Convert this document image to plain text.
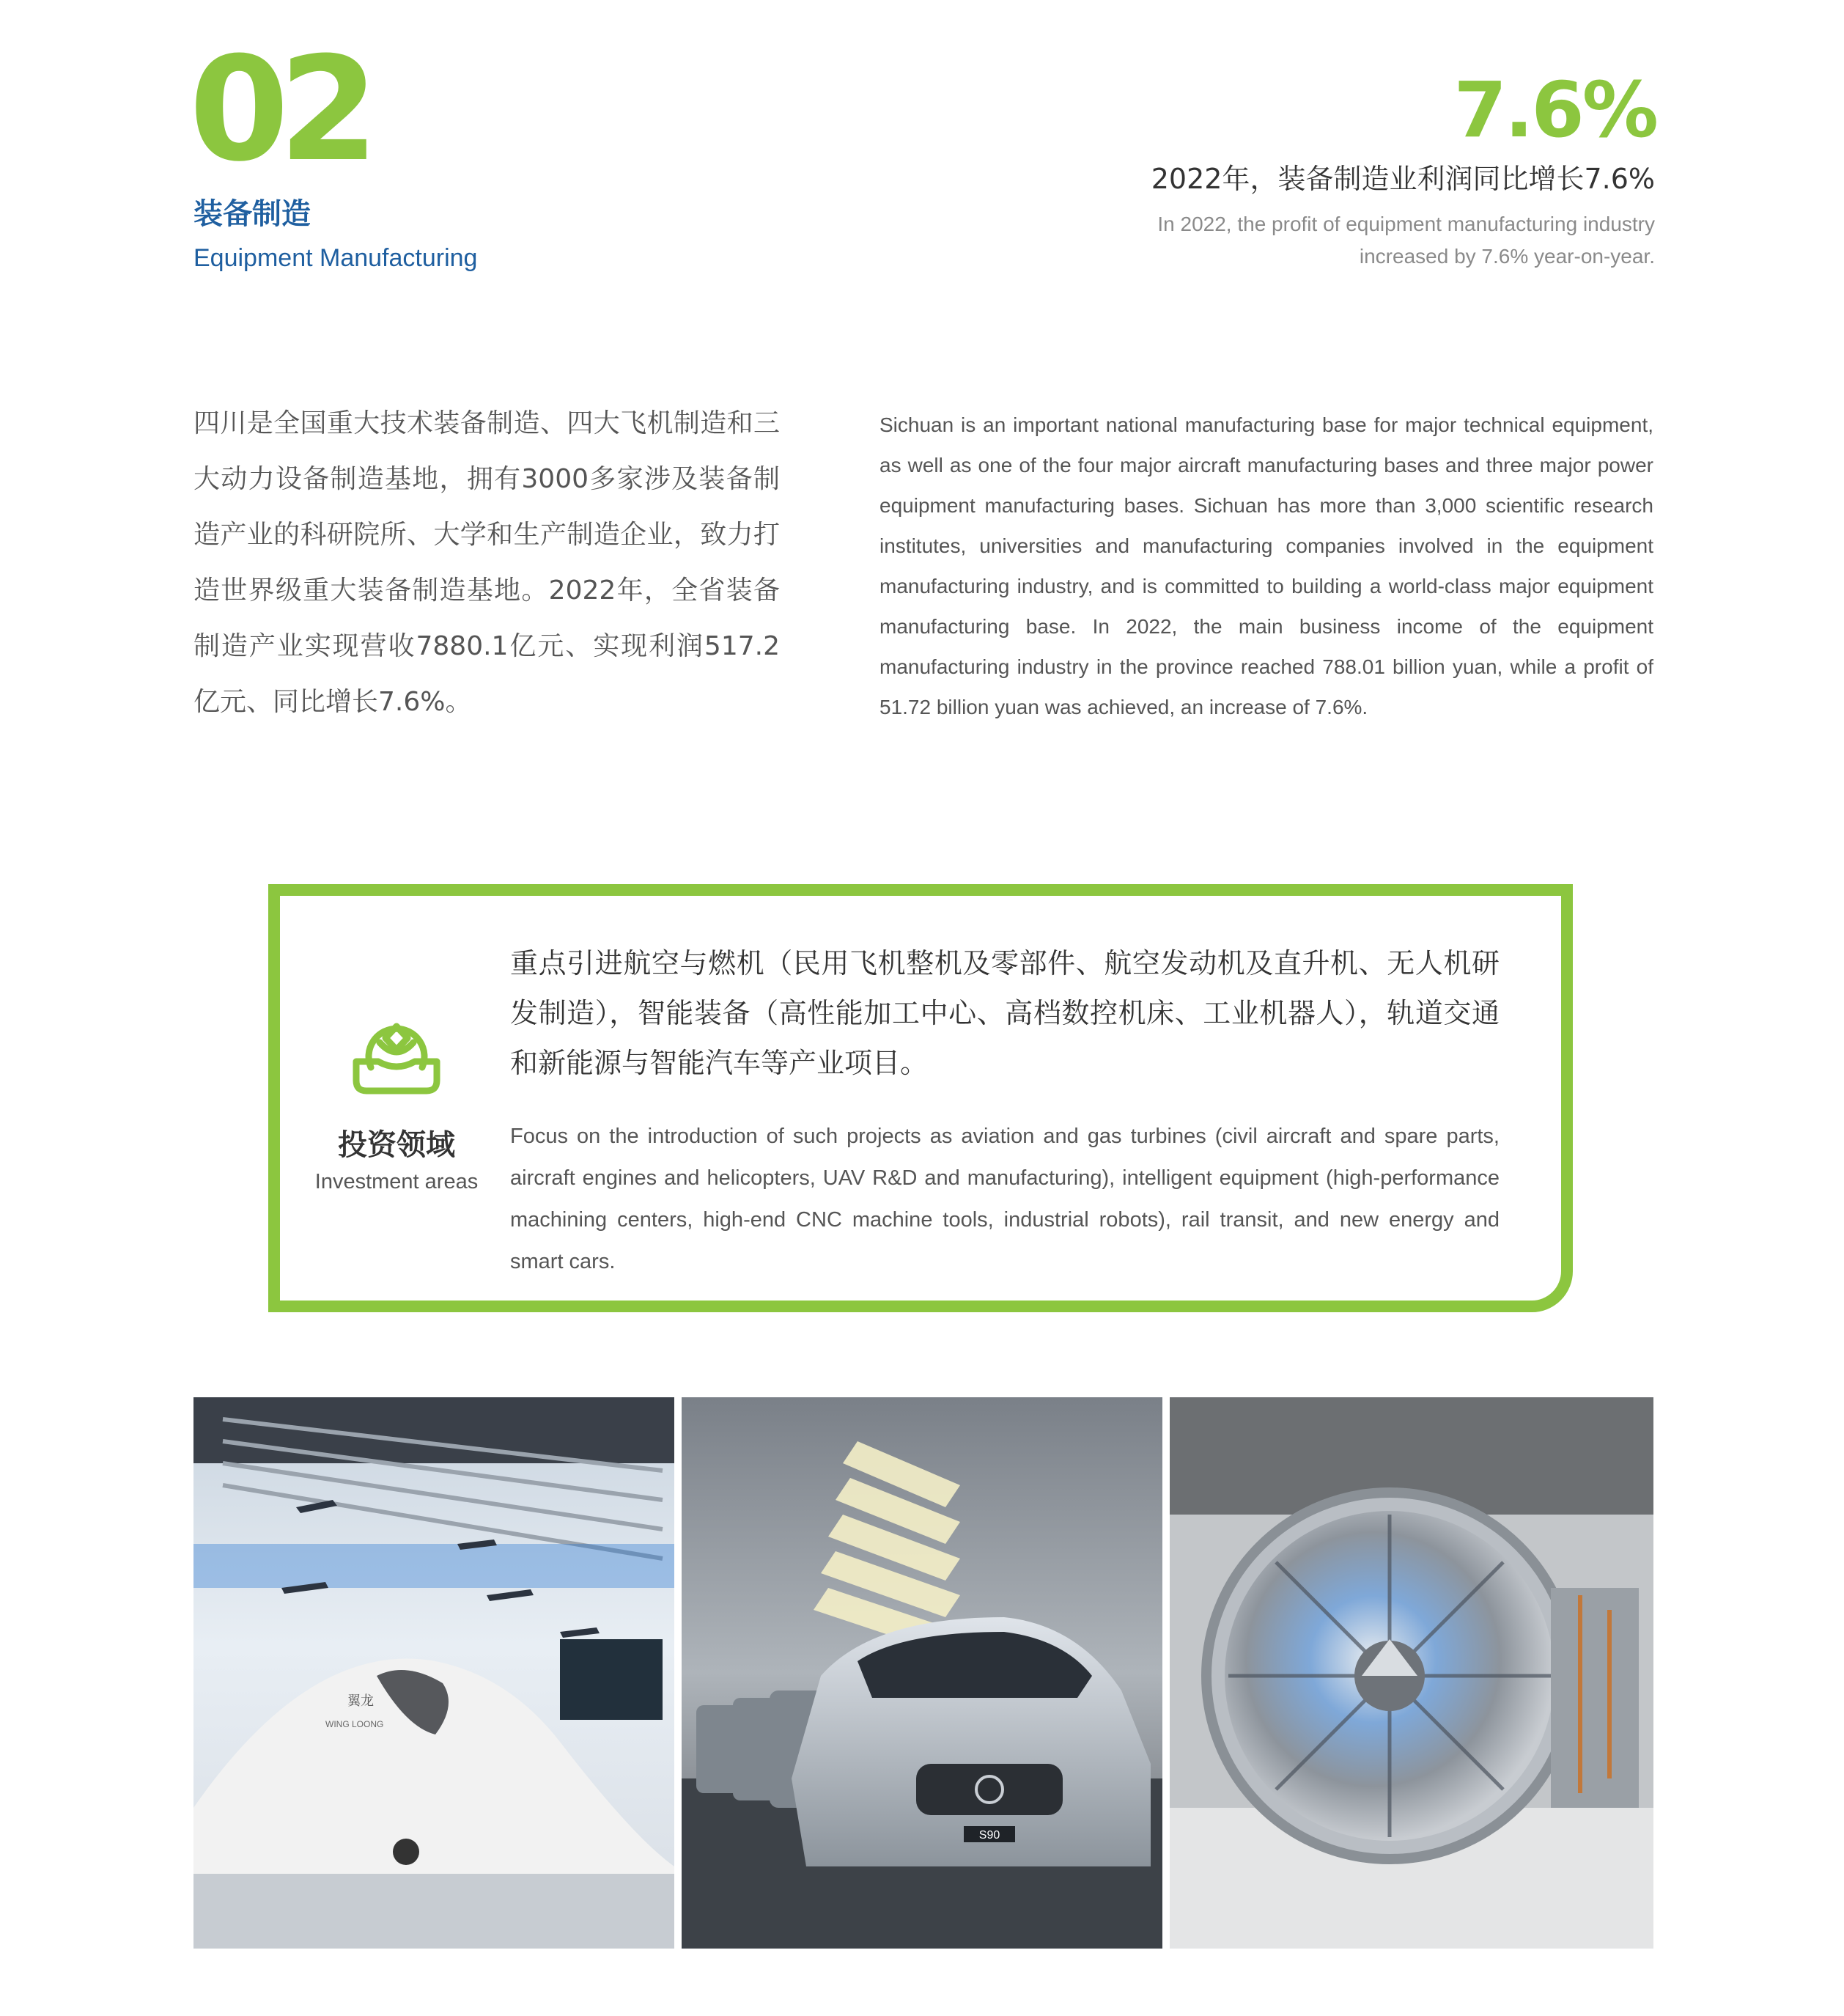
02
装备制造
Equipment Manufacturing
7.6%
2022年，装备制造业利润同比增长7.6%
In 2022, the profit of equipment manufacturing industry increased by 7.6% year-on-year.
四川是全国重大技术装备制造、四大飞机制造和三大动力设备制造基地，拥有3000多家涉及装备制造产业的科研院所、大学和生产制造企业，致力打造世界级重大装备制造基地。2022年，全省装备制造产业实现营收7880.1亿元、实现利润517.2亿元、同比增长7.6%。
Sichuan is an important national manufacturing base for major technical equipment, as well as one of the four major aircraft manufacturing bases and three major power equipment manufacturing bases. Sichuan has more than 3,000 scientific research institutes, universities and manufacturing companies involved in the equipment manufacturing industry, and is committed to building a world-class major equipment manufacturing base. In 2022, the main business income of the equipment manufacturing industry in the province reached 788.01 billion yuan, while a profit of 51.72 billion yuan was achieved, an increase of 7.6%.
投资领域
Investment areas
重点引进航空与燃机（民用飞机整机及零部件、航空发动机及直升机、无人机研发制造），智能装备（高性能加工中心、高档数控机床、工业机器人），轨道交通和新能源与智能汽车等产业项目。
Focus on the introduction of such projects as aviation and gas turbines (civil aircraft and spare parts, aircraft engines and helicopters, UAV R&D and manufacturing), intelligent equipment (high-performance machining centers, high-end CNC machine tools, industrial robots), rail transit, and new energy and smart cars.
翼龙
WING LOONG
S90
